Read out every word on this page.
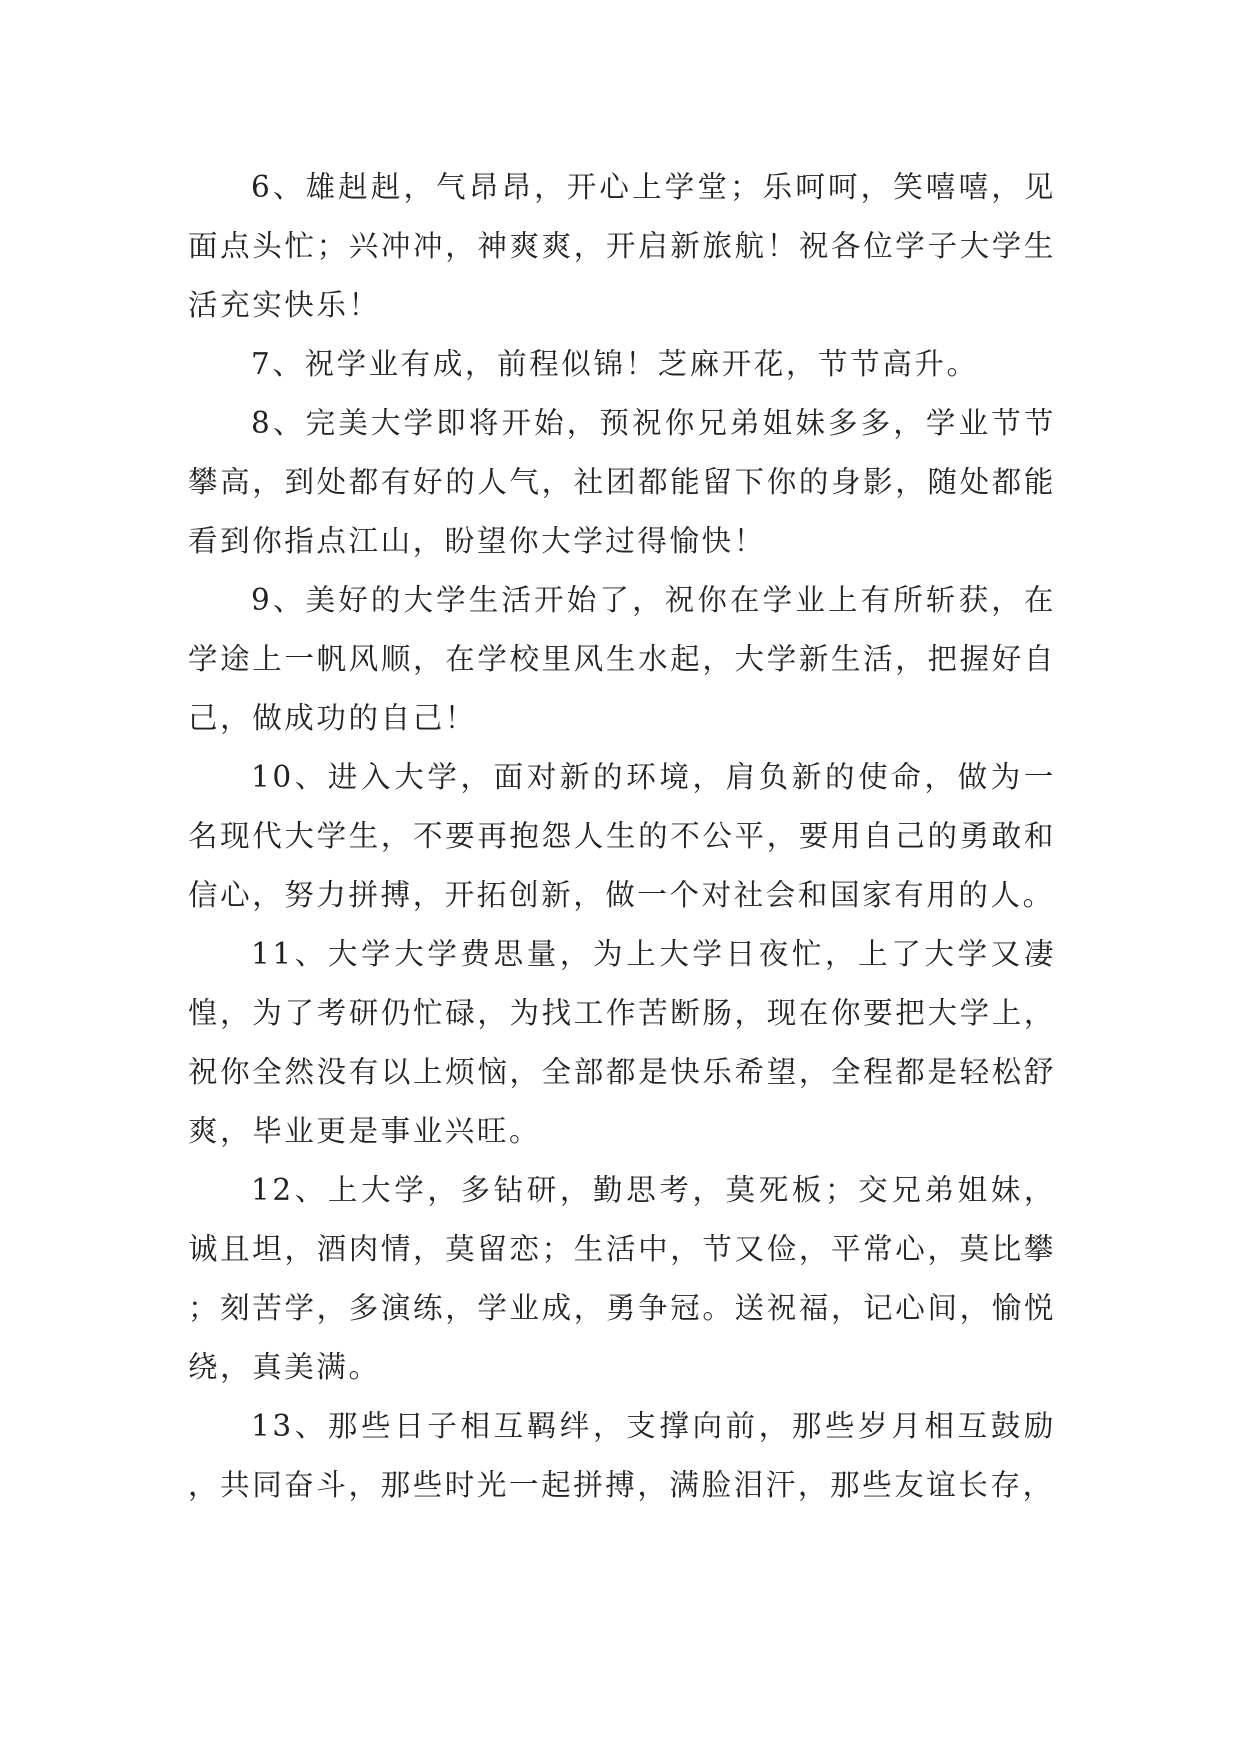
6、雄赳赳，气昂昂，开心上学堂；乐呵呵，笑嘻嘻，见面点头忙；兴冲冲，神爽爽，开启新旅航！祝各位学子大学生活充实快乐！

7、祝学业有成，前程似锦！芝麻开花，节节高升。

8、完美大学即将开始，预祝你兄弟姐妹多多，学业节节攀高，到处都有好的人气，社团都能留下你的身影，随处都能看到你指点江山，盼望你大学过得愉快！

9、美好的大学生活开始了，祝你在学业上有所斩获，在学途上一帆风顺，在学校里风生水起，大学新生活，把握好自己，做成功的自己！

10、进入大学，面对新的环境，肩负新的使命，做为一名现代大学生，不要再抱怨人生的不公平，要用自己的勇敢和信心，努力拼搏，开拓创新，做一个对社会和国家有用的人。

11、大学大学费思量，为上大学日夜忙，上了大学又凄惶，为了考研仍忙碌，为找工作苦断肠，现在你要把大学上，祝你全然没有以上烦恼，全部都是快乐希望，全程都是轻松舒爽，毕业更是事业兴旺。

12、上大学，多钻研，勤思考，莫死板；交兄弟姐妹，诚且坦，酒肉情，莫留恋；生活中，节又俭，平常心，莫比攀；刻苦学，多演练，学业成，勇争冠。送祝福，记心间，愉悦绕，真美满。

13、那些日子相互羁绊，支撑向前，那些岁月相互鼓励，共同奋斗，那些时光一起拼搏，满脸泪汗，那些友谊长存，
